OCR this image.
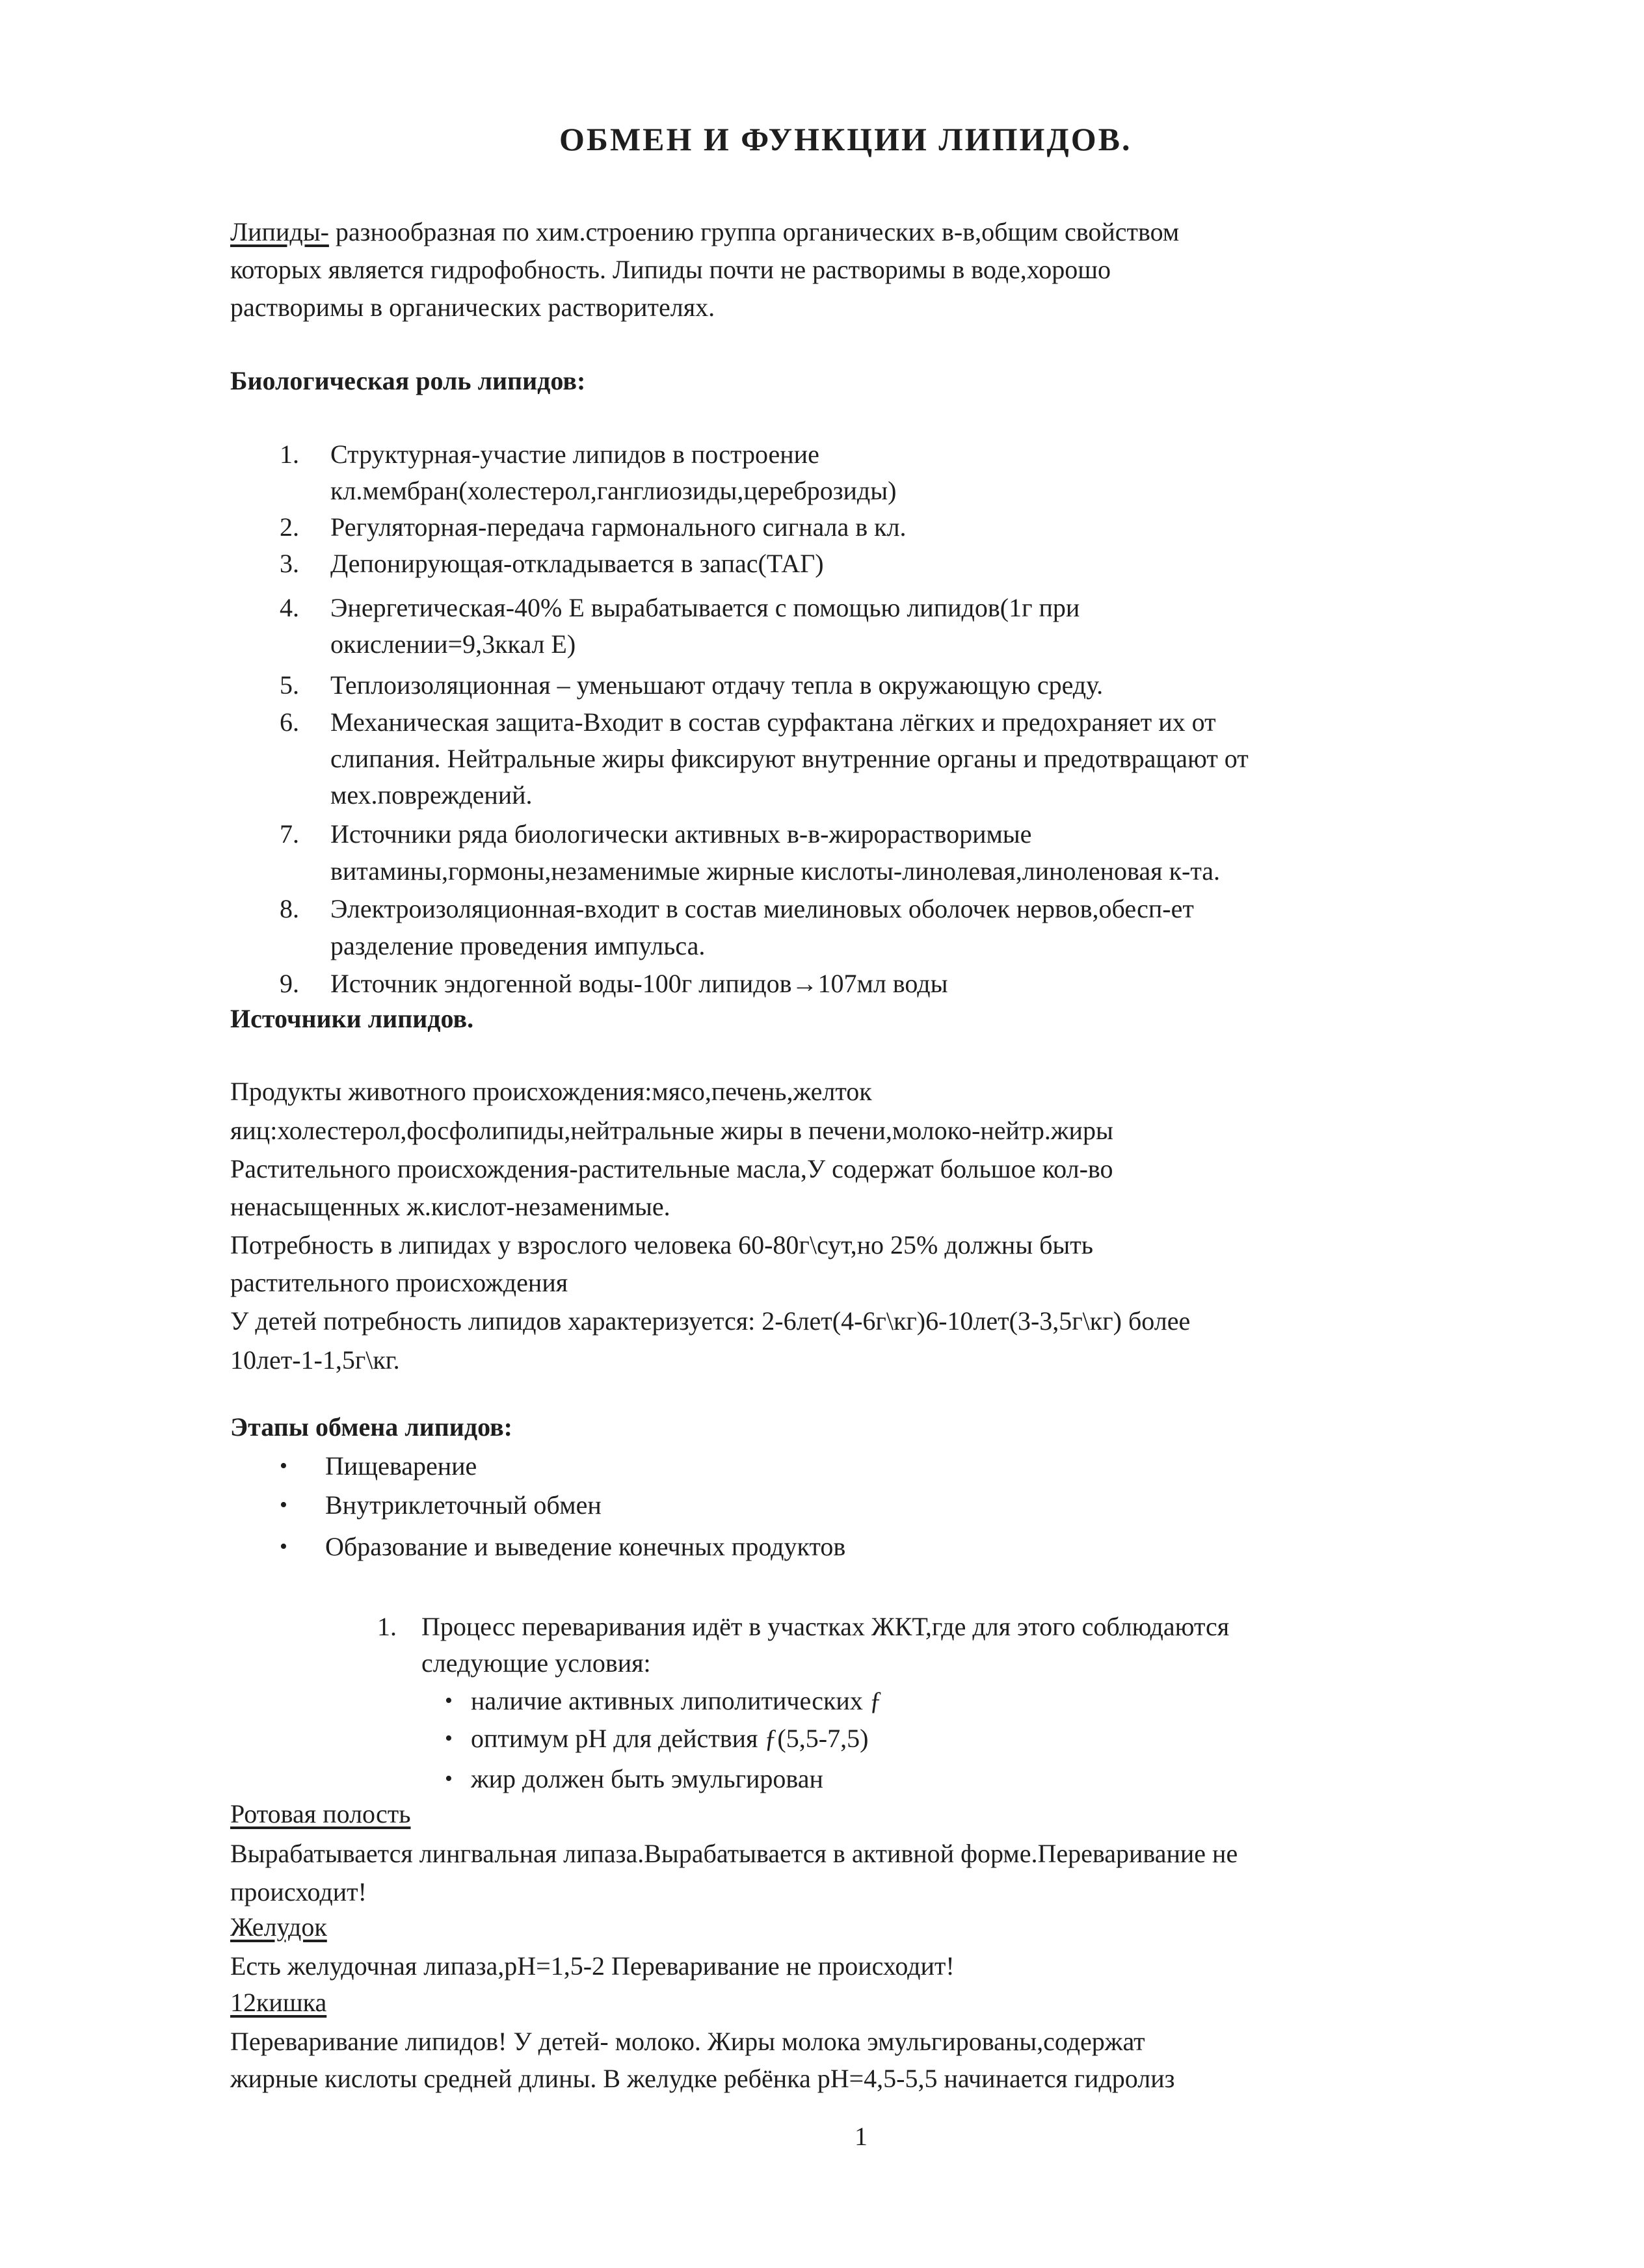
ОБМЕН И ФУНКЦИИ ЛИПИДОВ.

Липиды- разнообразная по хим.строению группа органических в-в,общим свойством

которых является гидрофобность. Липиды почти не растворимы в воде,хорошо

растворимы в органических растворителях.

Биологическая роль липидов:
1. Структурная-участие липидов в построение

кл.мембран(холестерол,ганглиозиды,цереброзиды)

2. Регуляторная-передача гармонального сигнала в кл.

3. Депонирующая-откладывается в запас(ТАГ)

4. Энергетическая-40% Е вырабатывается с помощью липидов(1г при

окислении=9,3ккал Е)

5. Теплоизоляционная – уменьшают отдачу тепла в окружающую среду.

6. Механическая защита-Входит в состав сурфактана лёгких и предохраняет их от

слипания. Нейтральные жиры фиксируют внутренние органы и предотвращают от

мех.повреждений.

7. Источники ряда биологически активных в-в-жирорастворимые

витамины,гормоны,незаменимые жирные кислоты-линолевая,линоленовая к-та.

8. Электроизоляционная-входит в состав миелиновых оболочек нервов,обесп-ет

разделение проведения импульса.

9. Источник эндогенной воды-100г липидов→107мл воды

Источники липидов.

Продукты животного происхождения:мясо,печень,желток

яиц:холестерол,фосфолипиды,нейтральные жиры в печени,молоко-нейтр.жиры

Растительного происхождения-растительные масла,У содержат большое кол-во

ненасыщенных ж.кислот-незаменимые.

Потребность в липидах у взрослого человека 60-80г\сут,но 25% должны быть

растительного происхождения

У детей потребность липидов характеризуется: 2-6лет(4-6г\кг)6-10лет(3-3,5г\кг) более

10лет-1-1,5г\кг.

Этапы обмена липидов:
• Пищеварение

• Внутриклеточный обмен

• Образование и выведение конечных продуктов

1. Процесс переваривания идёт в участках ЖКТ,где для этого соблюдаются

следующие условия:

• наличие активных липолитических ƒ

• оптимум pH для действия ƒ(5,5-7,5)

• жир должен быть эмульгирован

Ротовая полость

Вырабатывается лингвальная липаза.Вырабатывается в активной форме.Переваривание не

происходит!

Желудок

Есть желудочная липаза,pH=1,5-2 Переваривание не происходит!

12кишка

Переваривание липидов! У детей- молоко. Жиры молока эмульгированы,содержат

жирные кислоты средней длины. В желудке ребёнка pH=4,5-5,5 начинается гидролиз

1
